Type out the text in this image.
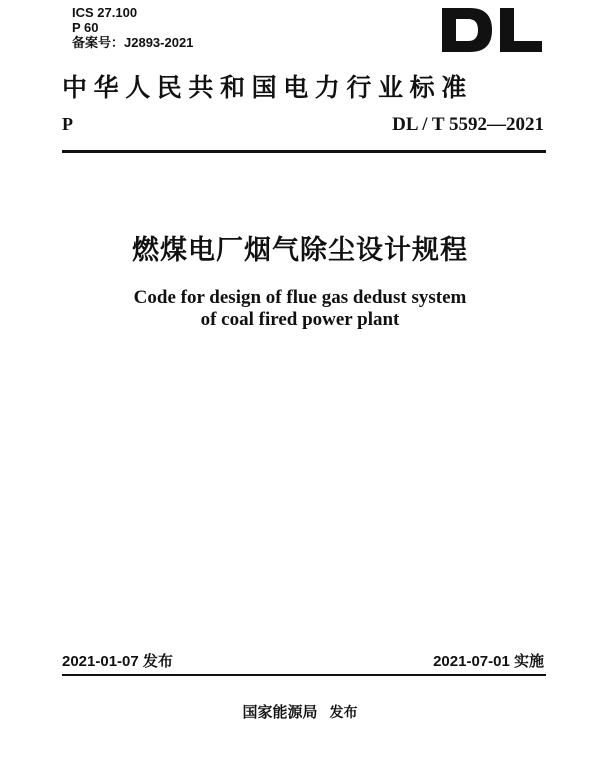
ICS 27.100
P 60
备案号：J2893-2021
中华人民共和国电力行业标准
P	DL / T 5592—2021
燃煤电厂烟气除尘设计规程
Code for design of flue gas dedust system
of coal fired power plant
2021-01-07 发布	2021-07-01 实施
国家能源局 发布
